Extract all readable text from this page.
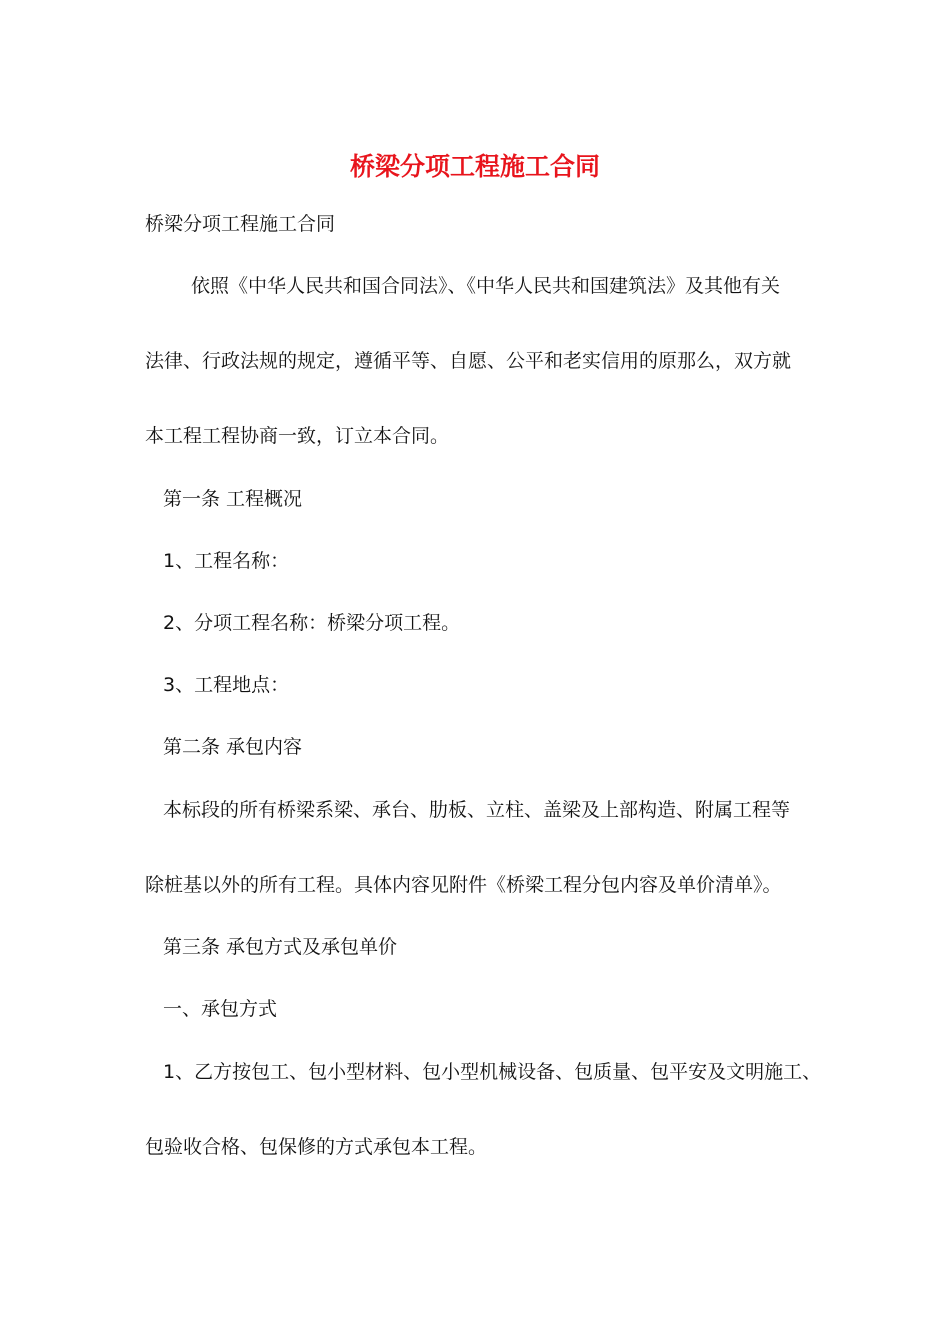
桥梁分项工程施工合同
桥梁分项工程施工合同
依照《中华人民共和国合同法》、《中华人民共和国建筑法》及其他有关
法律、行政法规的规定，遵循平等、自愿、公平和老实信用的原那么，双方就
本工程工程协商一致，订立本合同。
第一条 工程概况
1、工程名称：
2、分项工程名称：桥梁分项工程。
3、工程地点：
第二条 承包内容
本标段的所有桥梁系梁、承台、肋板、立柱、盖梁及上部构造、附属工程等
除桩基以外的所有工程。具体内容见附件《桥梁工程分包内容及单价清单》。
第三条 承包方式及承包单价
一、承包方式
1、乙方按包工、包小型材料、包小型机械设备、包质量、包平安及文明施工、
包验收合格、包保修的方式承包本工程。
